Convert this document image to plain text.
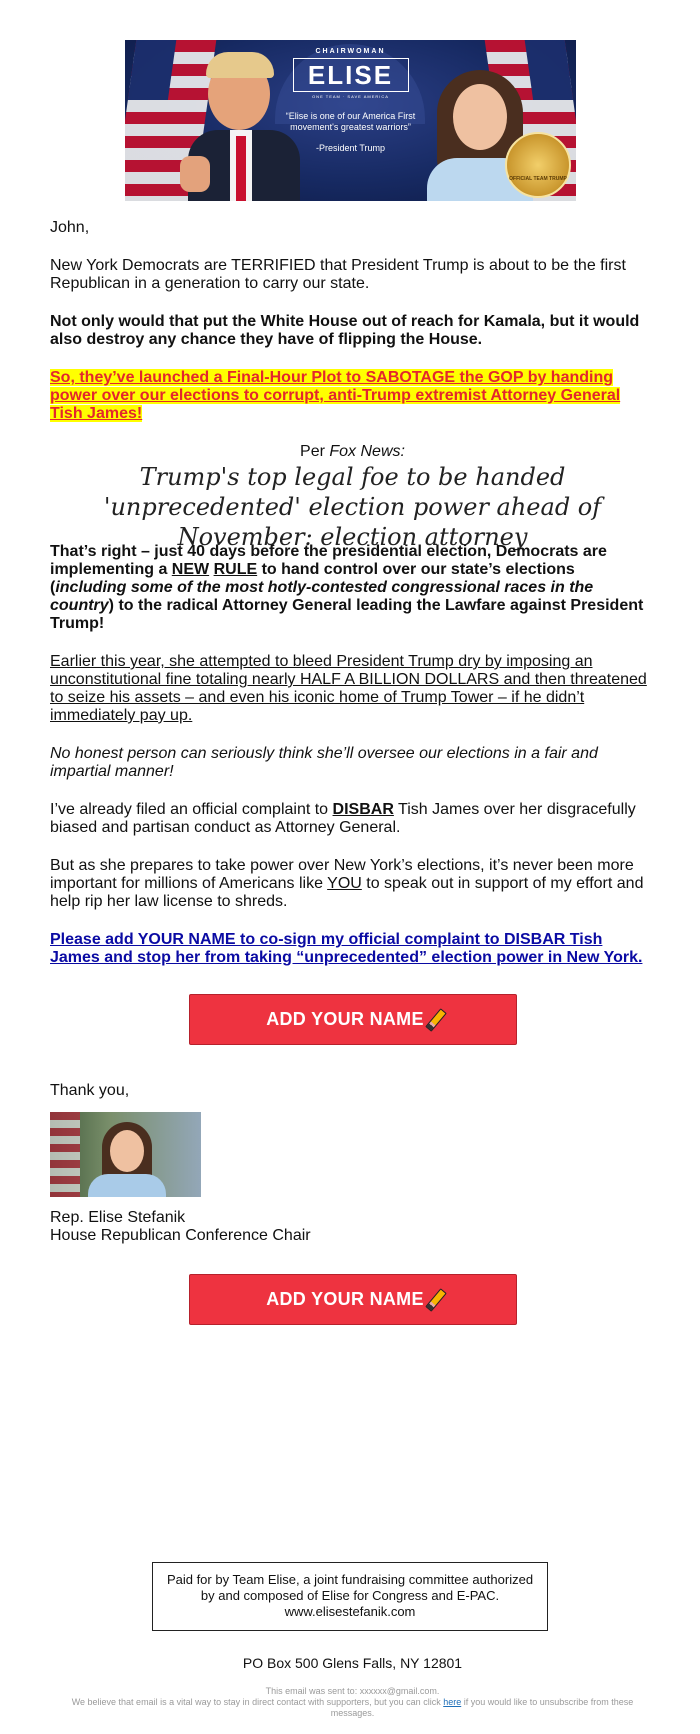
CHAIRWOMAN
ELISE
ONE TEAM · SAVE AMERICA
“Elise is one of our America First movement's greatest warriors”
-President Trump
OFFICIAL TEAM TRUMP

John,

New York Democrats are TERRIFIED that President Trump is about to be the first Republican in a generation to carry our state.

Not only would that put the White House out of reach for Kamala, but it would also destroy any chance they have of flipping the House.

So, they’ve launched a Final-Hour Plot to SABOTAGE the GOP by handing power over our elections to corrupt, anti-Trump extremist Attorney General Tish James!

Per Fox News:

Trump's top legal foe to be handed 'unprecedented' election power ahead of November: election attorney

That’s right – just 40 days before the presidential election, Democrats are implementing a NEW RULE to hand control over our state’s elections (including some of the most hotly-contested congressional races in the country) to the radical Attorney General leading the Lawfare against President Trump!

Earlier this year, she attempted to bleed President Trump dry by imposing an unconstitutional fine totaling nearly HALF A BILLION DOLLARS and then threatened to seize his assets – and even his iconic home of Trump Tower – if he didn’t immediately pay up.

No honest person can seriously think she’ll oversee our elections in a fair and impartial manner!

I’ve already filed an official complaint to DISBAR Tish James over her disgracefully biased and partisan conduct as Attorney General.

But as she prepares to take power over New York’s elections, it’s never been more important for millions of Americans like YOU to speak out in support of my effort and help rip her law license to shreds.

Please add YOUR NAME to co-sign my official complaint to DISBAR Tish James and stop her from taking “unprecedented” election power in New York.

ADD YOUR NAME

Thank you,

Rep. Elise Stefanik

House Republican Conference Chair

ADD YOUR NAME
Paid for by Team Elise, a joint fundraising committee authorized by and composed of Elise for Congress and E-PAC. www.elisestefanik.com
PO Box 500 Glens Falls, NY 12801
This email was sent to: xxxxxx@gmail.com.
We believe that email is a vital way to stay in direct contact with supporters, but you can click here if you would like to unsubscribe from these messages.
